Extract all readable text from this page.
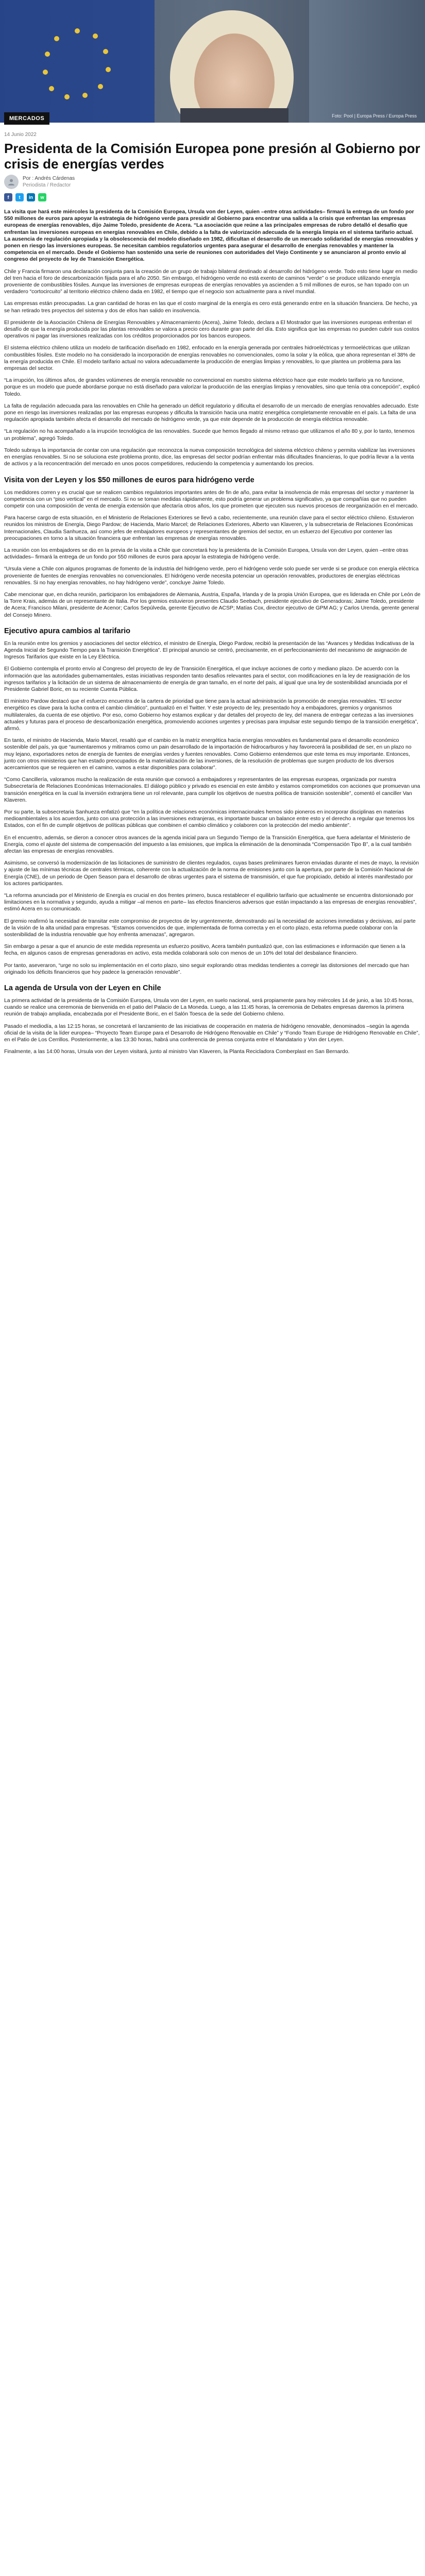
Foto: Pool | Europa Press / Europa Press
MERCADOS
14 Junio 2022
Presidenta de la Comisión Europea pone presión al Gobierno por crisis de energías verdes
Por : Andrés Cárdenas
Periodista / Redactor
f	t	in	w

La visita que hará este miércoles la presidenta de la Comisión Europea, Ursula von der Leyen, quien –entre otras actividades– firmará la entrega de un fondo por 550 millones de euros para apoyar la estrategia de hidrógeno verde para presidir al Gobierno para encontrar una salida a la crisis que enfrentan las empresas europeas de energías renovables, dijo Jaime Toledo, presidente de Acera. “La asociación que reúne a las principales empresas de rubro detalló el desafío que enfrentan las inversiones europeas en energías renovables en Chile, debido a la falta de valorización adecuada de la energía limpia en el sistema tarifario actual. La ausencia de regulación apropiada y la obsolescencia del modelo diseñado en 1982, dificultan el desarrollo de un mercado solidaridad de energías renovables y ponen en riesgo las inversiones europeas. Se necesitan cambios regulatorios urgentes para asegurar el desarrollo de energías renovables y mantener la competencia en el mercado. Desde el Gobierno han sostenido una serie de reuniones con autoridades del Viejo Continente y se anunciaron al pronto envío al congreso del proyecto de ley de Transición Energética.

Chile y Francia firmaron una declaración conjunta para la creación de un grupo de trabajo bilateral destinado al desarrollo del hidrógeno verde. Todo esto tiene lugar en medio del tren hacia el foro de descarbonización fijada para el año 2050. Sin embargo, el hidrógeno verde no está exento de caminos “verde” o se produce utilizando energía proveniente de combustibles fósiles. Aunque las inversiones de empresas europeas de energías renovables ya ascienden a 5 mil millones de euros, se han topado con un verdadero “cortocircuito” al territorio eléctrico chileno dada en 1982, el tiempo que el negocio son actualmente para a nivel mundial.

Las empresas están preocupadas. La gran cantidad de horas en las que el costo marginal de la energía es cero está generando entre en la situación financiera. De hecho, ya se han retirado tres proyectos del sistema y dos de ellos han salido en insolvencia.

El presidente de la Asociación Chilena de Energías Renovables y Almacenamiento (Acera), Jaime Toledo, declara a El Mostrador que las inversiones europeas enfrentan el desafío de que la energía producida por las plantas renovables se valora a precio cero durante gran parte del día. Esto significa que las empresas no pueden cubrir sus costos operativos ni pagar las inversiones realizadas con los créditos proporcionados por los bancos europeos.

El sistema eléctrico chileno utiliza un modelo de tarificación diseñado en 1982, enfocado en la energía generada por centrales hidroeléctricas y termoeléctricas que utilizan combustibles fósiles. Este modelo no ha considerado la incorporación de energías renovables no convencionales, como la solar y la eólica, que ahora representan el 38% de la energía producida en Chile. El modelo tarifario actual no valora adecuadamente la producción de energías limpias y renovables, lo que plantea un problema para las empresas del sector.

“La irrupción, los últimos años, de grandes volúmenes de energía renovable no convencional en nuestro sistema eléctrico hace que este modelo tarifario ya no funcione, porque es un modelo que puede abordarse porque no está diseñado para valorizar la producción de las energías limpias y renovables, sino que tenía otra concepción”, explicó Toledo.

La falta de regulación adecuada para las renovables en Chile ha generado un déficit regulatorio y dificulta el desarrollo de un mercado de energías renovables adecuado. Este pone en riesgo las inversiones realizadas por las empresas europeas y dificulta la transición hacia una matriz energética completamente renovable en el país. La falta de una regulación apropiada también afecta el desarrollo del mercado de hidrógeno verde, ya que este depende de la producción de energía eléctrica renovable.

“La regulación no ha acompañado a la irrupción tecnológica de las renovables. Sucede que hemos llegado al mismo retraso que utilizamos el año 80 y, por lo tanto, tenemos un problema”, agregó Toledo.

Toledo subraya la importancia de contar con una regulación que reconozca la nueva composición tecnológica del sistema eléctrico chileno y permita viabilizar las inversiones en energías renovables. Si no se soluciona este problema pronto, dice, las empresas del sector podrían enfrentar más dificultades financieras, lo que podría llevar a la venta de activos y a la reconcentración del mercado en unos pocos competidores, reduciendo la competencia y aumentando los precios.

Visita von der Leyen y los $50 millones de euros para hidrógeno verde

Los medidores corren y es crucial que se realicen cambios regulatorios importantes antes de fin de año, para evitar la insolvencia de más empresas del sector y mantener la competencia con un “piso vertical” en el mercado. Si no se toman medidas rápidamente, esto podría generar un problema significativo, ya que compañías que no pueden competir con una composición de venta de energía extensión que afectaría otros años, los que prometen que ejecuten sus nuevos procesos de reorganización en el mercado.

Para hacerse cargo de esta situación, en el Ministerio de Relaciones Exteriores se llevó a cabo, recientemente, una reunión clave para el sector eléctrico chileno. Estuvieron reunidos los ministros de Energía, Diego Pardow; de Hacienda, Mario Marcel; de Relaciones Exteriores, Alberto van Klaveren, y la subsecretaria de Relaciones Económicas Internacionales, Claudia Sanhueza, así como jefes de embajadores europeos y representantes de gremios del sector, en un esfuerzo del Ejecutivo por contener las preocupaciones en torno a la situación financiera que enfrentan las empresas de energías renovables.

La reunión con los embajadores se dio en la previa de la visita a Chile que concretará hoy la presidenta de la Comisión Europea, Ursula von der Leyen, quien –entre otras actividades– firmará la entrega de un fondo por 550 millones de euros para apoyar la estrategia de hidrógeno verde.

“Ursula viene a Chile con algunos programas de fomento de la industria del hidrógeno verde, pero el hidrógeno verde solo puede ser verde si se produce con energía eléctrica proveniente de fuentes de energías renovables no convencionales. El hidrógeno verde necesita potenciar un operación renovables, productores de energías eléctricas renovables. Si no hay energías renovables, no hay hidrógeno verde”, concluye Jaime Toledo.

Cabe mencionar que, en dicha reunión, participaron los embajadores de Alemania, Austria, España, Irlanda y de la propia Unión Europea, que es liderada en Chile por León de la Torre Krais, además de un representante de Italia. Por los gremios estuvieron presentes Claudio Seebach, presidente ejecutivo de Generadoras; Jaime Toledo, presidente de Acera; Francisco Milani, presidente de Acenor; Carlos Sepúlveda, gerente Ejecutivo de ACSP; Matías Cox, director ejecutivo de GPM AG; y Carlos Urenda, gerente general del Consejo Minero.

Ejecutivo apura cambios al tarifario

En la reunión entre los gremios y asociaciones del sector eléctrico, el ministro de Energía, Diego Pardow, recibió la presentación de las “Avances y Medidas Indicativas de la Agenda Inicial de Segundo Tiempo para la Transición Energética”. El principal anuncio se centró, precisamente, en el perfeccionamiento del mecanismo de asignación de Ingresos Tarifarios que existe en la Ley Eléctrica.

El Gobierno contempla el pronto envío al Congreso del proyecto de ley de Transición Energética, el que incluye acciones de corto y mediano plazo. De acuerdo con la información que las autoridades gubernamentales, estas iniciativas responden tanto desafíos relevantes para el sector, con modificaciones en la ley de reasignación de los ingresos tarifarios y la licitación de un sistema de almacenamiento de energía de gran tamaño, en el norte del país, al igual que una ley de sostenibilidad anunciada por el Presidente Gabriel Boric, en su reciente Cuenta Pública.

El ministro Pardow destacó que el esfuerzo encuentra de la cartera de prioridad que tiene para la actual administración la promoción de energías renovables. “El sector energético es clave para la lucha contra el cambio climático”, puntualizó en el Twitter. Y este proyecto de ley, presentado hoy a embajadores, gremios y organismos multilaterales, da cuenta de ese objetivo. Por eso, como Gobierno hoy estamos explicar y dar detalles del proyecto de ley, del manera de entregar certezas a las inversiones actuales y futuras para el proceso de descarbonización energética, promoviendo acciones urgentes y precisas para impulsar este segundo tiempo de la transición energética”, afirmó.

En tanto, el ministro de Hacienda, Mario Marcel, resaltó que el cambio en la matriz energética hacia energías renovables es fundamental para el desarrollo económico sostenible del país, ya que “aumentaremos y mitiramos como un pain desarrollado de la importación de hidrocarburos y hay favorecerá la posibilidad de ser, en un plazo no muy lejano, exportadores netos de energía de fuentes de energías verdes y fuentes renovables. Como Gobierno entendemos que este tema es muy importante. Entonces, junto con otros ministerios que han estado preocupados de la materialización de las inversiones, de la resolución de problemas que surgen producto de los diversos acercamientos que se requieren en el camino, vamos a estar disponibles para colaborar”.

“Como Cancillería, valoramos mucho la realización de esta reunión que convocó a embajadores y representantes de las empresas europeas, organizada por nuestra Subsecretaría de Relaciones Económicas Internacionales. El diálogo público y privado es esencial en este ámbito y estamos comprometidos con acciones que promuevan una transición energética en la cual la inversión extranjera tiene un rol relevante, para cumplir los objetivos de nuestra política de transición sostenible”, comentó el canciller Van Klaveren.

Por su parte, la subsecretaria Sanhueza enfatizó que “en la política de relaciones económicas internacionales hemos sido pioneros en incorporar disciplinas en materias medioambientales a los acuerdos, junto con una protección a las inversiones extranjeras, es importante buscar un balance entre esto y el derecho a regular que tenemos los Estados, con el fin de cumplir objetivos de políticas públicas que combinen el cambio climático y colaboren con la protección del medio ambiente”.

En el encuentro, además, se dieron a conocer otros avances de la agenda inicial para un Segundo Tiempo de la Transición Energética, que fuera adelantar el Ministerio de Energía, como el ajuste del sistema de compensación del impuesto a las emisiones, que implica la eliminación de la denominada “Compensación Tipo B”, a la cual también afectan las empresas de energías renovables.

Asimismo, se conversó la modernización de las licitaciones de suministro de clientes regulados, cuyas bases preliminares fueron enviadas durante el mes de mayo, la revisión y ajuste de las mínimas técnicas de centrales térmicas, coherente con la actualización de la norma de emisiones junto con la apertura, por parte de la Comisión Nacional de Energía (CNE), de un periodo de Open Season para el desarrollo de obras urgentes para el sistema de transmisión, el que fue propiciado, debido al interés manifestado por los actores participantes.

“La reforma anunciada por el Ministerio de Energía es crucial en dos frentes primero, busca restablecer el equilibrio tarifario que actualmente se encuentra distorsionado por limitaciones en la normativa y segundo, ayuda a mitigar –al menos en parte– las efectos financieros adversos que están impactando a las empresas de energías renovables”, estimó Acera en su comunicado.

El gremio reafirmó la necesidad de transitar este compromiso de proyectos de ley urgentemente, demostrando así la necesidad de acciones inmediatas y decisivas, así parte de la visión de la alta unidad para empresas. “Estamos convencidos de que, implementada de forma correcta y en el corto plazo, esta reforma puede colaborar con la sostenibilidad de la industria renovable que hoy enfrenta amenazas”, agregaron.

Sin embargo a pesar a que el anuncio de este medida representa un esfuerzo positivo, Acera también puntualizó que, con las estimaciones e información que tienen a la fecha, en algunos casos de empresas generadoras en activo, esta medida colaborará solo con menos de un 10% del total del desbalance financiero.

Por tanto, aseveraron, “urge no solo su implementación en el corto plazo, sino seguir explorando otras medidas tendientes a corregir las distorsiones del mercado que han originado los déficits financieros que hoy padece la generación renovable”.

La agenda de Ursula von der Leyen en Chile

La primera actividad de la presidenta de la Comisión Europea, Ursula von der Leyen, en suelo nacional, será propiamente para hoy miércoles 14 de junio, a las 10:45 horas, cuando se realice una ceremonia de bienvenida en el patio del Palacio de La Moneda. Luego, a las 11:45 horas, la ceremonia de Debates empresas daremos la primera reunión de trabajo ampliada, encabezada por el Presidente Boric, en el Salón Toesca de la sede del Gobierno chileno.

Pasado el mediodía, a las 12:15 horas, se concretará el lanzamiento de las iniciativas de cooperación en materia de hidrógeno renovable, denominados –según la agenda oficial de la visita de la líder europea– “Proyecto Team Europe para el Desarrollo de Hidrógeno Renovable en Chile” y “Fondo Team Europe de Hidrógeno Renovable en Chile”, en el Patio de Los Cerrillos. Posteriormente, a las 13:30 horas, habrá una conferencia de prensa conjunta entre el Mandatario y Von der Leyen.

Finalmente, a las 14:00 horas, Ursula von der Leyen visitará, junto al ministro Van Klaveren, la Planta Recicladora Comberplast en San Bernardo.
